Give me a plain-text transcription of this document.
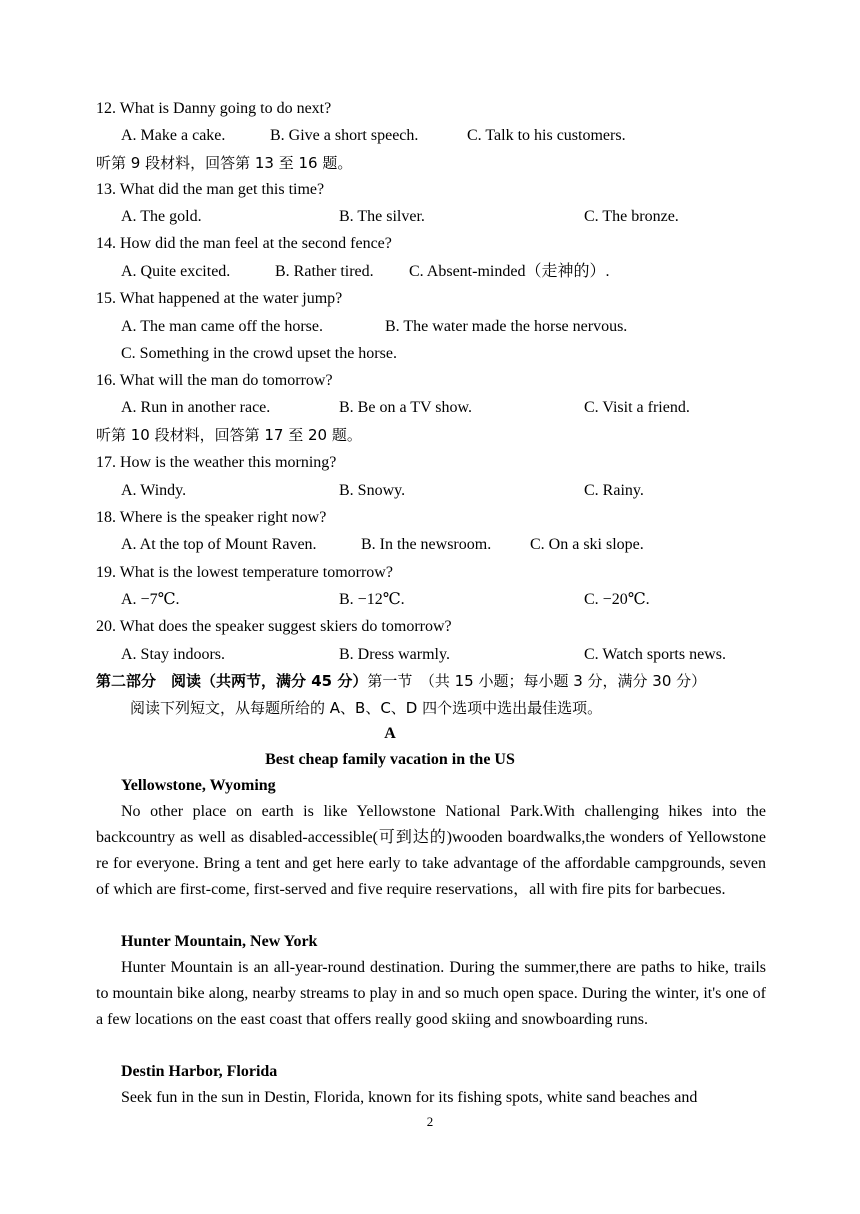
12. What is Danny going to do next?
A. Make a cake.	B. Give a short speech.	C. Talk to his customers.
听第 9 段材料，回答第 13 至 16 题。
13. What did the man get this time?
A. The gold.	B. The silver.	C. The bronze.
14. How did the man feel at the second fence?
A. Quite excited.	B. Rather tired. C. Absent-minded（走神的）.
15. What happened at the water jump?
A. The man came off the horse.	B. The water made the horse nervous.
C. Something in the crowd upset the horse.
16. What will the man do tomorrow?
A. Run in another race.	B. Be on a TV show.	C. Visit a friend.
听第 10 段材料，回答第 17 至 20 题。
17. How is the weather this morning?
A. Windy.	B. Snowy.	C. Rainy.
18. Where is the speaker right now?
A. At the top of Mount Raven.	B. In the newsroom. C. On a ski slope.
19. What is the lowest temperature tomorrow?
A. −7℃.	B. −12℃.	C. −20℃.
20. What does the speaker suggest skiers do tomorrow?
A. Stay indoors.	B. Dress warmly.	C. Watch sports news.
第二部分　阅读（共两节，满分 45 分）第一节　（共 15 小题；每小题 3 分，满分 30 分）
阅读下列短文，从每题所给的 A、B、C、D 四个选项中选出最佳选项。
A
Best cheap family vacation in the US
Yellowstone, Wyoming
No other place on earth is like Yellowstone National Park.With challenging hikes into the backcountry as well as disabled-accessible(可到达的)wooden boardwalks,the wonders of Yellowstone re for everyone. Bring a tent and get here early to take advantage of the affordable campgrounds, seven of which are first-come, first-served and five require reservations，all with fire pits for barbecues.
Hunter Mountain, New York
Hunter Mountain is an all-year-round destination. During the summer,there are paths to hike, trails to mountain bike along, nearby streams to play in and so much open space. During the winter, it's one of a few locations on the east coast that offers really good skiing and snowboarding runs.
Destin Harbor, Florida
Seek fun in the sun in Destin, Florida, known for its fishing spots, white sand beaches and
2
